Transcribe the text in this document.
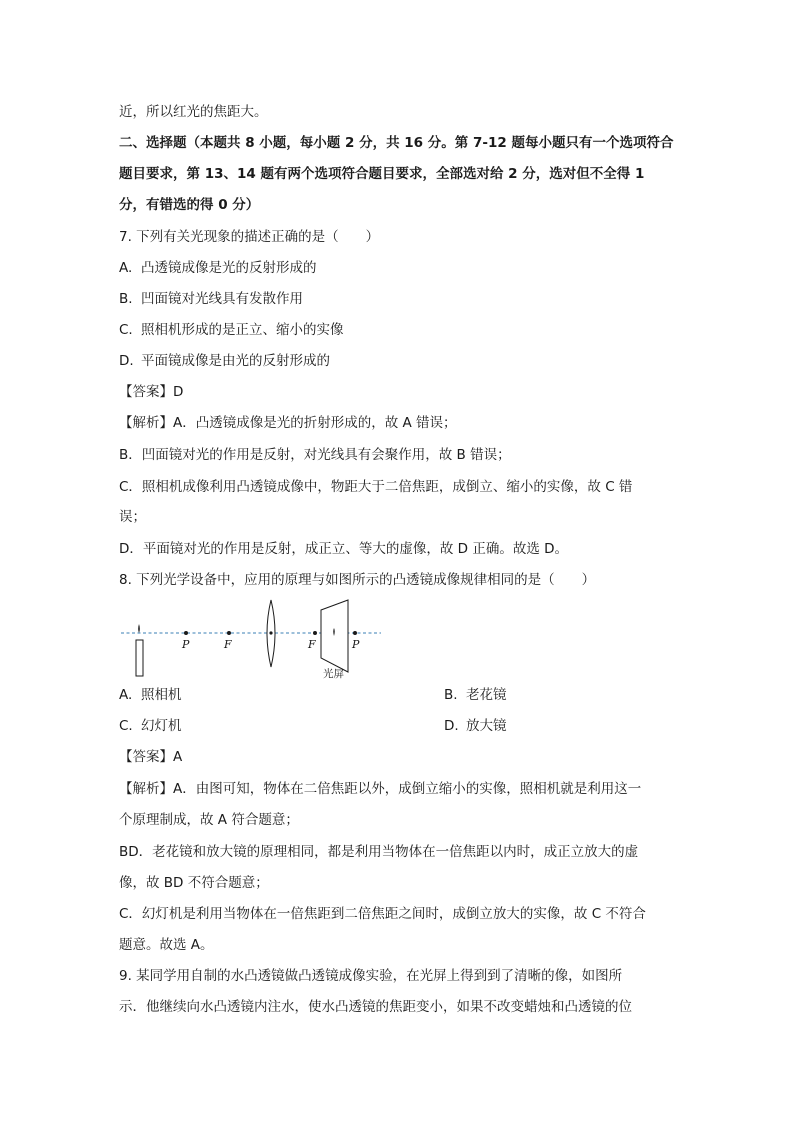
近，所以红光的焦距大。
二、选择题（本题共 8 小题，每小题 2 分，共 16 分。第 7-12 题每小题只有一个选项符合
题目要求，第 13、14 题有两个选项符合题目要求，全部选对给 2 分，选对但不全得 1
分，有错选的得 0 分）
7. 下列有关光现象的描述正确的是（　　）
A. 凸透镜成像是光的反射形成的
B. 凹面镜对光线具有发散作用
C. 照相机形成的是正立、缩小的实像
D. 平面镜成像是由光的反射形成的
【答案】D
【解析】A．凸透镜成像是光的折射形成的，故 A 错误；
B．凹面镜对光的作用是反射，对光线具有会聚作用，故 B 错误；
C．照相机成像利用凸透镜成像中，物距大于二倍焦距，成倒立、缩小的实像，故 C 错
误；
D．平面镜对光的作用是反射，成正立、等大的虚像，故 D 正确。故选 D。
8. 下列光学设备中，应用的原理与如图所示的凸透镜成像规律相同的是（　　）
P	F	F	P
光屏
A. 照相机	B. 老花镜
C. 幻灯机	D. 放大镜
【答案】A
【解析】A．由图可知，物体在二倍焦距以外，成倒立缩小的实像，照相机就是利用这一
个原理制成，故 A 符合题意；
BD．老花镜和放大镜的原理相同，都是利用当物体在一倍焦距以内时，成正立放大的虚
像，故 BD 不符合题意；
C．幻灯机是利用当物体在一倍焦距到二倍焦距之间时，成倒立放大的实像，故 C 不符合
题意。故选 A。
9. 某同学用自制的水凸透镜做凸透镜成像实验，在光屏上得到到了清晰的像，如图所
示．他继续向水凸透镜内注水，使水凸透镜的焦距变小，如果不改变蜡烛和凸透镜的位
